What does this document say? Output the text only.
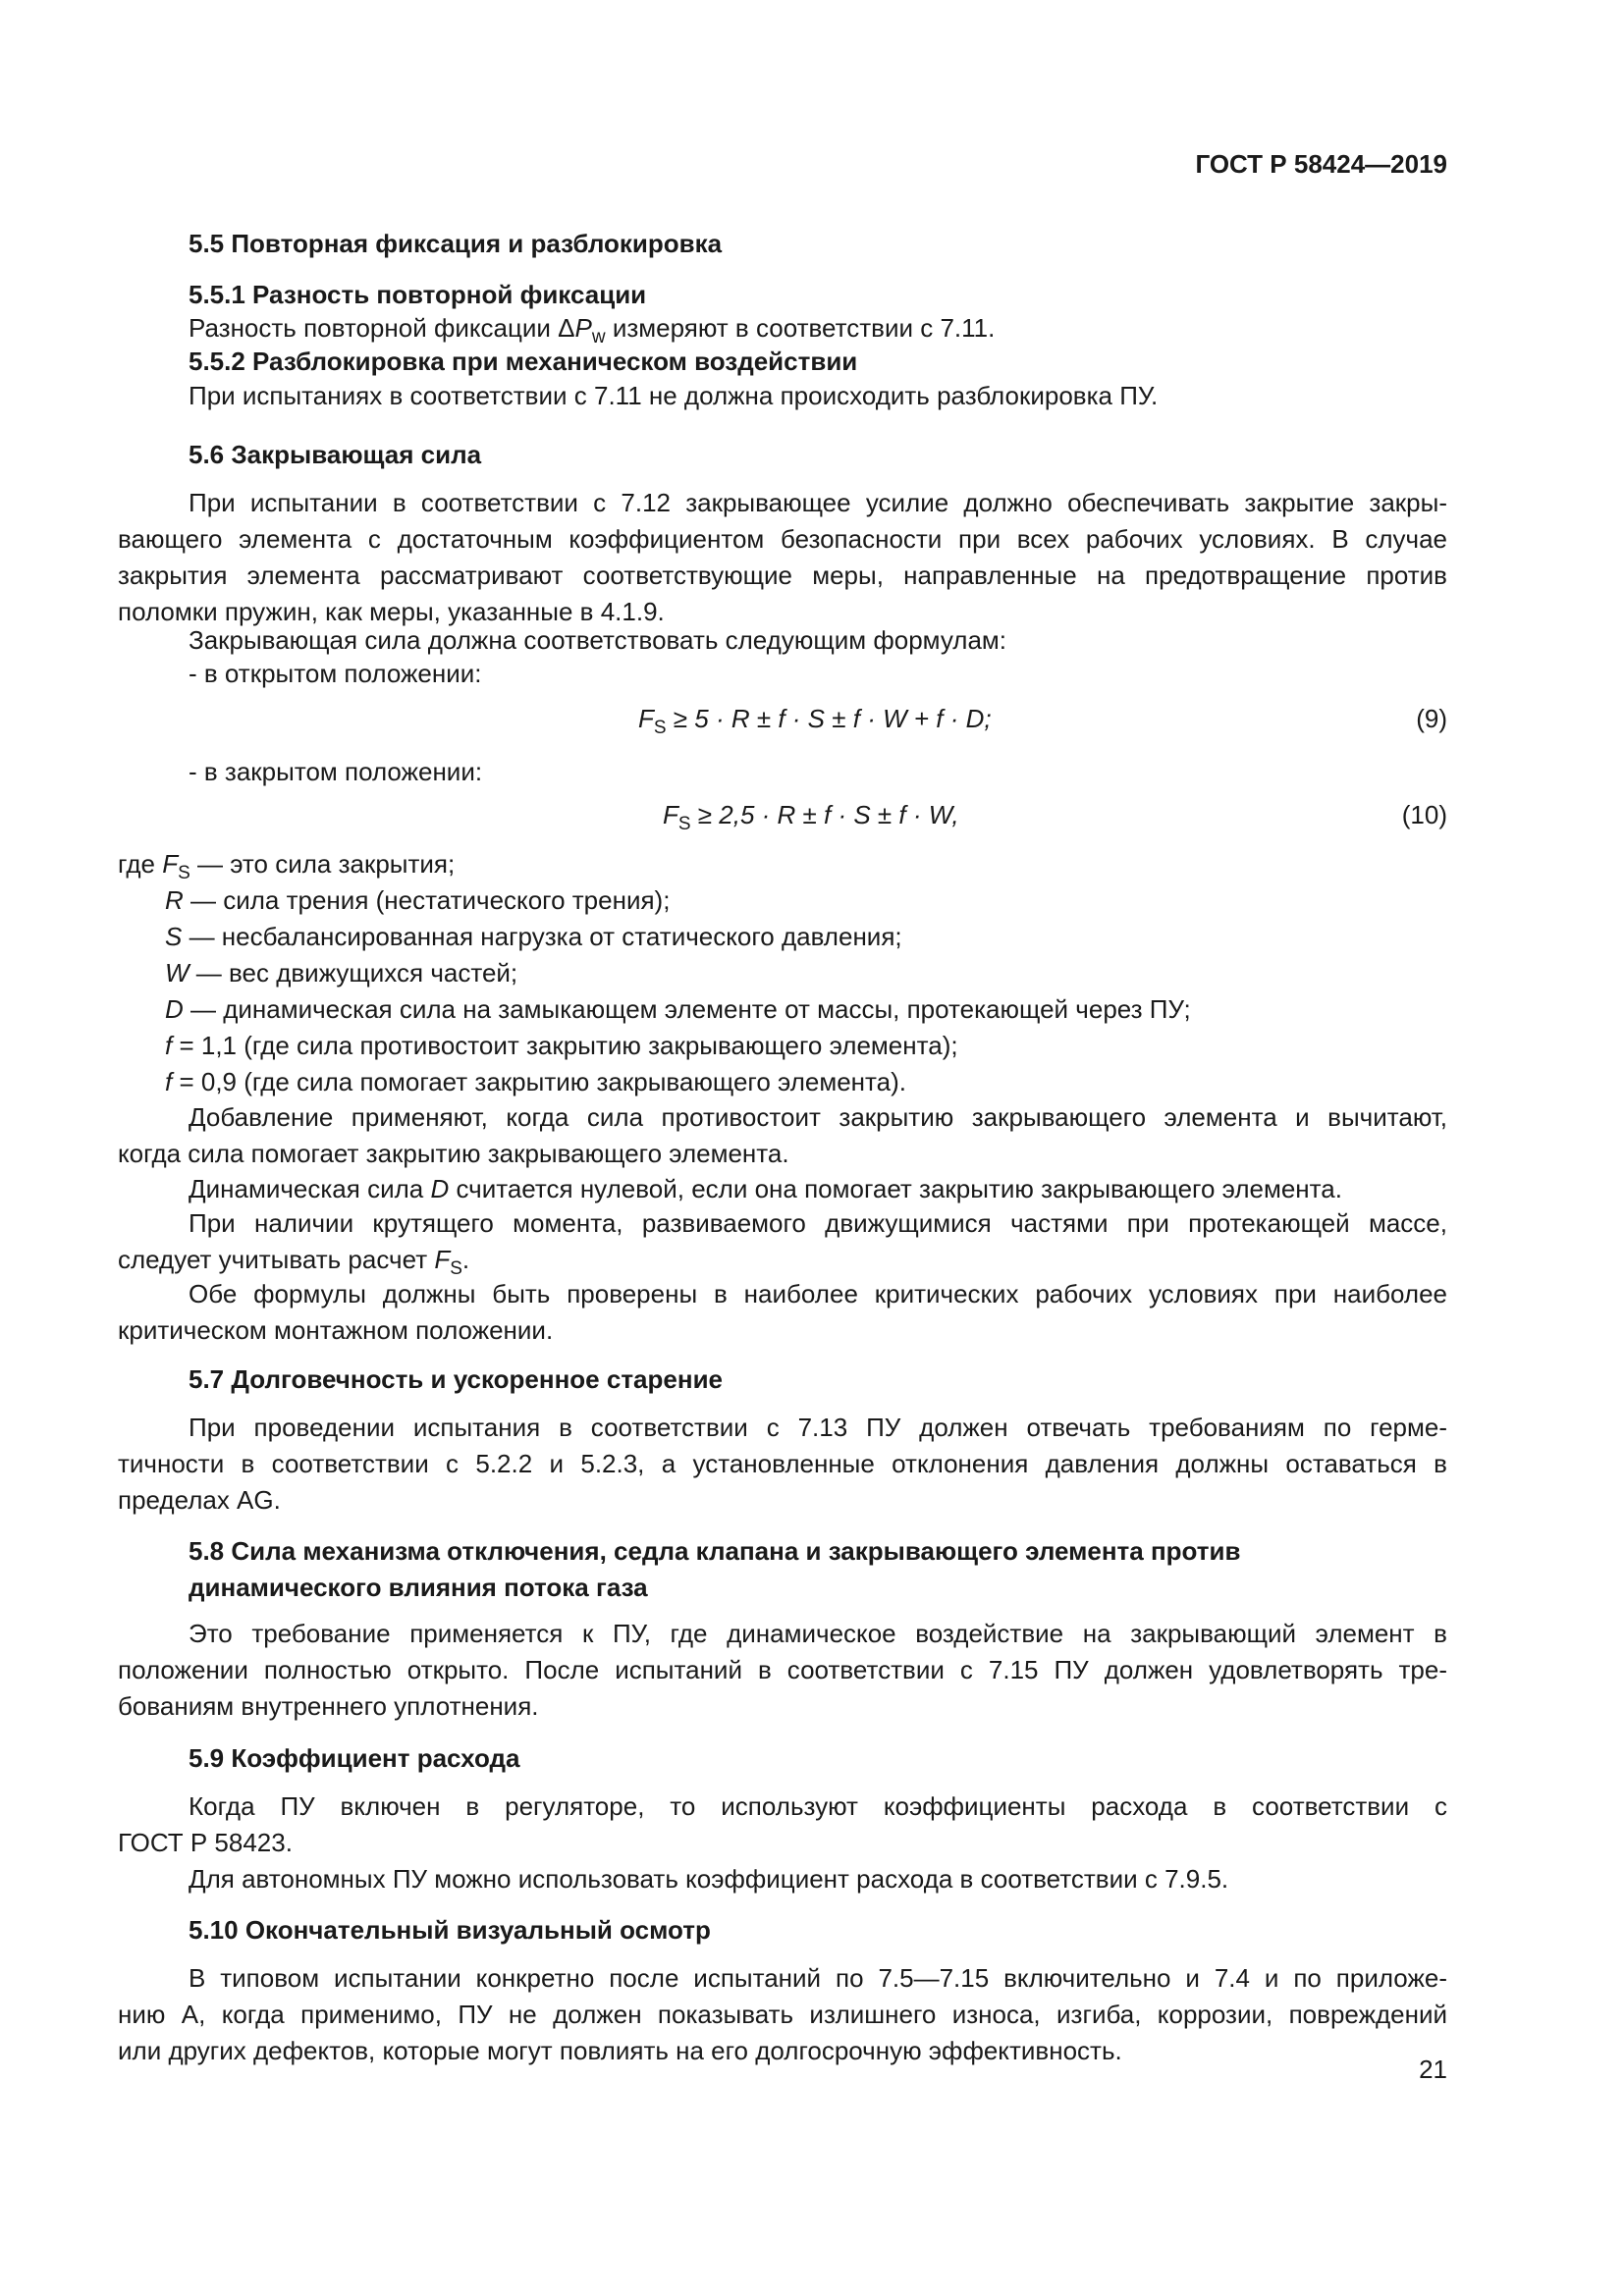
ГОСТ Р 58424—2019
5.5 Повторная фиксация и разблокировка
5.5.1 Разность повторной фиксации
Разность повторной фиксации $\Delta P_w$ измеряют в соответствии с 7.11.
5.5.2 Разблокировка при механическом воздействии
При испытаниях в соответствии с 7.11 не должна происходить разблокировка ПУ.
5.6 Закрывающая сила
При испытании в соответствии с 7.12 закрывающее усилие должно обеспечивать закрытие закры-
вающего элемента с достаточным коэффициентом безопасности при всех рабочих условиях. В случае
закрытия элемента рассматривают соответствующие меры, направленные на предотвращение против
поломки пружин, как меры, указанные в 4.1.9.
Закрывающая сила должна соответствовать следующим формулам:
- в открытом положении:
$F_S \ge 5 \cdot R \pm f \cdot S \pm f \cdot W + f \cdot D$;	(9)
- в закрытом положении:
$F_S \ge 2,5 \cdot R \pm f \cdot S \pm f \cdot W$,	(10)
где $F_S$ — это сила закрытия;
R — сила трения (нестатического трения);
S — несбалансированная нагрузка от статического давления;
W — вес движущихся частей;
D — динамическая сила на замыкающем элементе от массы, протекающей через ПУ;
f = 1,1 (где сила противостоит закрытию закрывающего элемента);
f = 0,9 (где сила помогает закрытию закрывающего элемента).
Добавление применяют, когда сила противостоит закрытию закрывающего элемента и вычитают,
когда сила помогает закрытию закрывающего элемента.
Динамическая сила D считается нулевой, если она помогает закрытию закрывающего элемента.
При наличии крутящего момента, развиваемого движущимися частями при протекающей массе,
следует учитывать расчет $F_S$.
Обе формулы должны быть проверены в наиболее критических рабочих условиях при наиболее
критическом монтажном положении.
5.7 Долговечность и ускоренное старение
При проведении испытания в соответствии с 7.13 ПУ должен отвечать требованиям по герме-
тичности в соответствии с 5.2.2 и 5.2.3, а установленные отклонения давления должны оставаться в
пределах AG.
5.8 Сила механизма отключения, седла клапана и закрывающего элемента против
динамического влияния потока газа
Это требование применяется к ПУ, где динамическое воздействие на закрывающий элемент в
положении полностью открыто. После испытаний в соответствии с 7.15 ПУ должен удовлетворять тре-
бованиям внутреннего уплотнения.
5.9 Коэффициент расхода
Когда ПУ включен в регуляторе, то используют коэффициенты расхода в соответствии с
ГОСТ Р 58423.
Для автономных ПУ можно использовать коэффициент расхода в соответствии с 7.9.5.
5.10 Окончательный визуальный осмотр
В типовом испытании конкретно после испытаний по 7.5—7.15 включительно и 7.4 и по приложе-
нию А, когда применимо, ПУ не должен показывать излишнего износа, изгиба, коррозии, повреждений
или других дефектов, которые могут повлиять на его долгосрочную эффективность.
21
